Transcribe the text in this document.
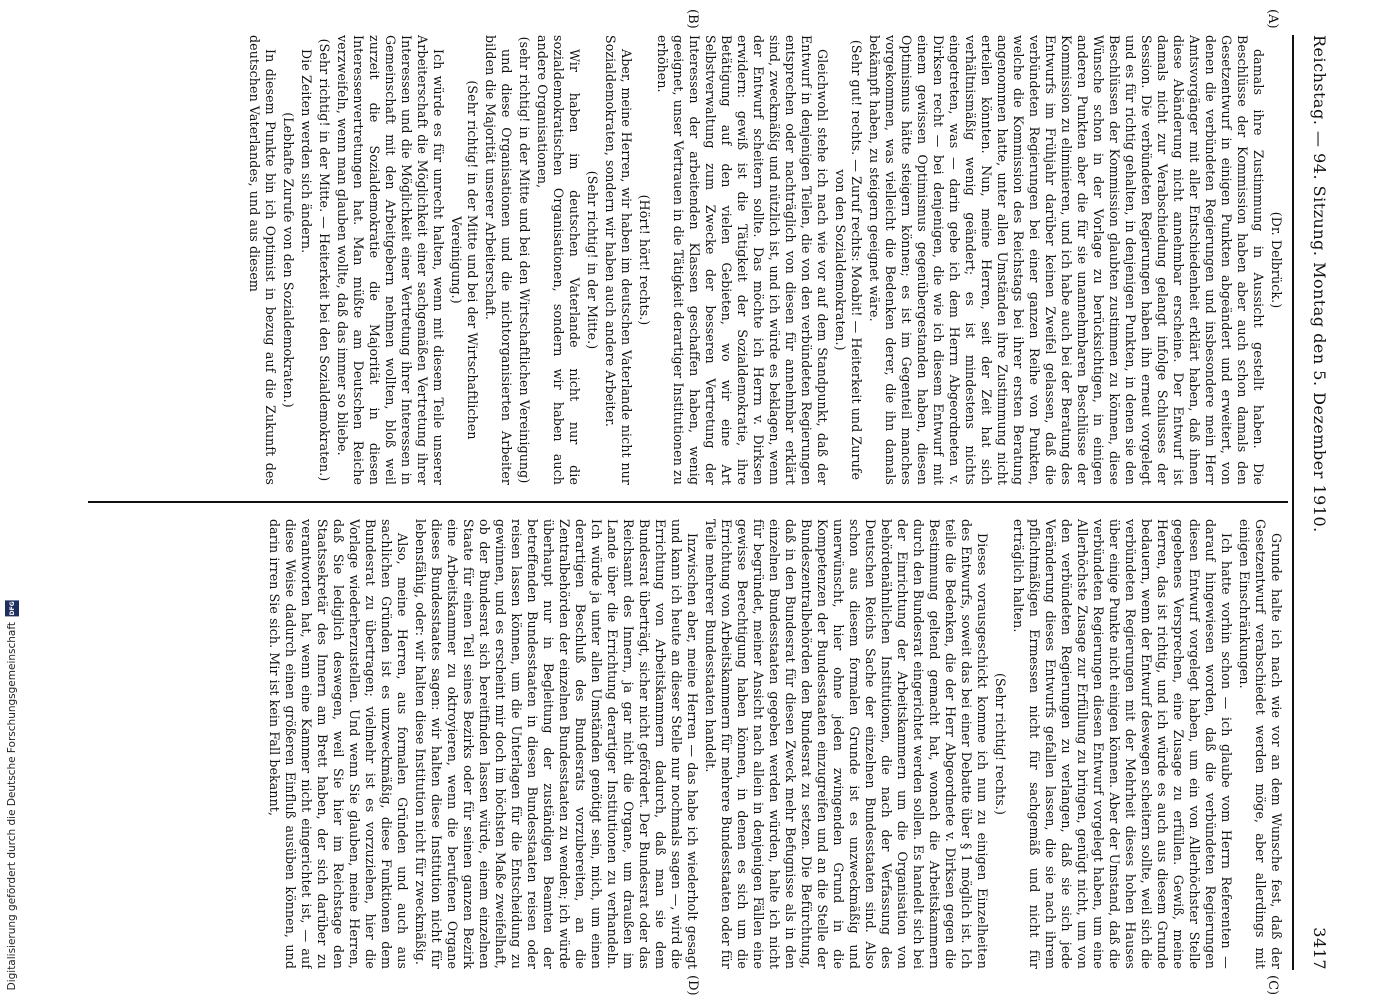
Digitalisierung gefördert durch die Deutsche Forschungsgemeinschaft
DFG
Reichstag. — 94. Sitzung. Montag den 5. Dezember 1910.
3417
(A)
(B)
(C)
(D)

(Dr. Delbrück.)

damals ihre Zustimmung in Aussicht gestellt haben. Die Beschlüsse der Kommission haben aber auch schon damals den Gesetzentwurf in einigen Punkten abgeändert und erweitert, von denen die verbündeten Regierungen und insbesondere mein Herr Amtsvorgänger mit aller Entschiedenheit erklärt haben, daß ihnen diese Abänderung nicht annehmbar erscheine. Der Entwurf ist damals nicht zur Verabschiedung gelangt infolge Schlusses der Session. Die verbündeten Regierungen haben ihn erneut vorgelegt und es für richtig gehalten, in denjenigen Punkten, in denen sie den Beschlüssen der Kommission glaubten zustimmen zu können, diese Wünsche schon in der Vorlage zu berücksichtigen, in einigen anderen Punkten aber die für sie unannehmbaren Beschlüsse der Kommission zu eliminieren, und ich habe auch bei der Beratung des Entwurfs im Frühjahr darüber keinen Zweifel gelassen, daß die verbündeten Regierungen bei einer ganzen Reihe von Punkten, welche die Kommission des Reichstags bei ihrer ersten Beratung angenommen hatte, unter allen Umständen ihre Zustimmung nicht erteilen könnten. Nun, meine Herren, seit der Zeit hat sich verhältnismäßig wenig geändert; es ist mindestens nichts eingetreten, was — darin gebe ich dem Herrn Abgeordneten v. Dirksen recht — bei denjenigen, die wie ich diesem Entwurf mit einem gewissen Optimismus gegenübergestanden haben, diesen Optimismus hätte steigern können; es ist im Gegenteil manches vorgekommen, was vielleicht die Bedenken derer, die ihn damals bekämpft haben, zu steigern geeignet wäre.

(Sehr gut! rechts. — Zuruf rechts: Moabit! — Heiterkeit und Zurufe von den Sozialdemokraten.)

Gleichwohl stehe ich nach wie vor auf dem Standpunkt, daß der Entwurf in denjenigen Teilen, die von den verbündeten Regierungen entsprechen oder nachträglich von diesen für annehmbar erklärt sind, zweckmäßig und nützlich ist, und ich würde es beklagen, wenn der Entwurf scheitern sollte. Das möchte ich Herrn v. Dirksen erwidern: gewiß ist die Tätigkeit der Sozialdemokratie, ihre Betätigung auf den vielen Gebieten, wo wir eine Art Selbstverwaltung zum Zwecke der besseren Vertretung der Interessen der arbeitenden Klassen geschaffen haben, wenig geeignet, unser Vertrauen in die Tätigkeit derartiger Institutionen zu erhöhen.

(Hört! hört! rechts.)

Aber, meine Herren, wir haben im deutschen Vaterlande nicht nur Sozialdemokraten, sondern wir haben auch andere Arbeiter.

(Sehr richtig! in der Mitte.)

Wir haben im deutschen Vaterlande nicht nur die sozialdemokratischen Organisationen, sondern wir haben auch andere Organisationen,

(sehr richtig! in der Mitte und bei den Wirtschaftlichen Vereinigung)

und diese Organisationen und die nichtorganisierten Arbeiter bilden die Majorität unserer Arbeiterschaft.

(Sehr richtig! in der Mitte und bei der Wirtschaftlichen Vereinigung.)

Ich würde es für unrecht halten, wenn mit diesem Teile unserer Arbeiterschaft die Möglichkeit einer sachgemäßen Vertretung ihrer Interessen und die Möglichkeit einer Vertretung ihrer Interessen in Gemeinschaft mit den Arbeitgebern nehmen wollten, bloß weil zurzeit die Sozialdemokratie die Majorität in diesen Interessenvertretungen hat. Man müßte am Deutschen Reiche verzweifeln, wenn man glauben wollte, daß das immer so bliebe.

(Sehr richtig! in der Mitte. — Heiterkeit bei den Sozialdemokraten.)

Die Zeiten werden sich ändern.

(Lebhafte Zurufe von den Sozialdemokraten.)

In diesem Punkte bin ich Optimist in bezug auf die Zukunft des deutschen Vaterlandes, und aus diesem

Grunde halte ich nach wie vor an dem Wunsche fest, daß der Gesetzentwurf verabschiedet werden möge, aber allerdings mit einigen Einschränkungen.

Ich hatte vorhin schon — ich glaube vom Herrn Referenten — darauf hingewiesen worden, daß die verbündeten Regierungen diesen Entwurf vorgelegt haben, um ein von Allerhöchster Stelle gegebenes Versprechen, eine Zusage zu erfüllen. Gewiß, meine Herren, das ist richtig, und ich würde es auch aus diesem Grunde bedauern, wenn der Entwurf deswegen scheitern sollte, weil sich die verbündeten Regierungen mit der Mehrheit dieses hohen Hauses über einige Punkte nicht einigen können. Aber der Umstand, daß die verbündeten Regierungen diesen Entwurf vorgelegt haben, um eine Allerhöchste Zusage zur Erfüllung zu bringen, genügt nicht, um von den verbündeten Regierungen zu verlangen, daß sie sich jede Veränderung dieses Entwurfs gefallen lassen, die sie nach ihrem pflichtmäßigen Ermessen nicht für sachgemäß und nicht für erträglich halten.

(Sehr richtig! rechts.)

Dieses vorausgeschickt komme ich nun zu einigen Einzelheiten des Entwurfs, soweit das bei einer Debatte über § 1 möglich ist. Ich teile die Bedenken, die der Herr Abgeordnete v. Dirksen gegen die Bestimmung geltend gemacht hat, wonach die Arbeitskammern durch den Bundesrat eingerichtet werden sollen. Es handelt sich bei der Einrichtung der Arbeitskammern um die Organisation von behördenähnlichen Institutionen, die nach der Verfassung des Deutschen Reichs Sache der einzelnen Bundesstaaten sind. Also schon aus diesem formalen Grunde ist es unzweckmäßig und unerwünscht, hier ohne jeden zwingenden Grund in die Kompetenzen der Bundesstaaten einzugreifen und an die Stelle der Bundeszentralbehörden den Bundesrat zu setzen. Die Befürchtung, daß in den Bundesrat für diesen Zweck mehr Befugnisse als in den einzelnen Bundesstaaten gegeben werden würden, halte ich nicht für begründet, meiner Ansicht nach allein in denjenigen Fällen eine gewisse Berechtigung haben können, in denen es sich um die Errichtung von Arbeitskammern für mehrere Bundesstaaten oder für Teile mehrerer Bundesstaaten handelt.

Inzwischen aber, meine Herren — das habe ich wiederholt gesagt und kann ich heute an dieser Stelle nur nochmals sagen —, wird die Errichtung von Arbeitskammern dadurch, daß man sie dem Bundesrat überträgt, sicher nicht gefördert. Der Bundesrat oder das Reichsamt des Innern, ja gar nicht die Organe, um draußen im Lande über die Errichtung derartiger Institutionen zu verhandeln. Ich würde ja unter allen Umständen genötigt sein, mich, um einen derartigen Beschluß des Bundesrats vorzubereiten, an die Zentralbehörden der einzelnen Bundesstaaten zu wenden; ich würde überhaupt nur in Begleitung der zuständigen Beamten der betreffenden Bundesstaaten in diesen Bundesstaaten reisen oder reisen lassen können, um die Unterlagen für die Entscheidung zu gewinnen, und es erscheint mir doch im höchsten Maße zweifelhaft, ob der Bundesrat sich bereitfinden lassen würde, einem einzelnen Staate für einen Teil seines Bezirks oder für seinen ganzen Bezirk eine Arbeitskammer zu oktroyieren, wenn die berufenen Organe dieses Bundesstaates sagen: wir halten diese Institution nicht für lebensfähig, oder: wir halten diese Institution nicht für zweckmäßig.

Also, meine Herren, aus formalen Gründen und auch aus sachlichen Gründen ist es unzweckmäßig, diese Funktionen dem Bundesrat zu übertragen; vielmehr ist es vorzuziehen, hier die Vorlage wiederherzustellen. Und wenn Sie glauben, meine Herren, daß Sie lediglich deswegen, weil Sie hier im Reichstage den Staatssekretär des Innern am Brett haben, der sich darüber zu verantworten hat, wenn eine Kammer nicht eingerichtet ist, — auf diese Weise dadurch einen größeren Einfluß ausüben können, und darin irren Sie sich. Mir ist kein Fall bekannt,
